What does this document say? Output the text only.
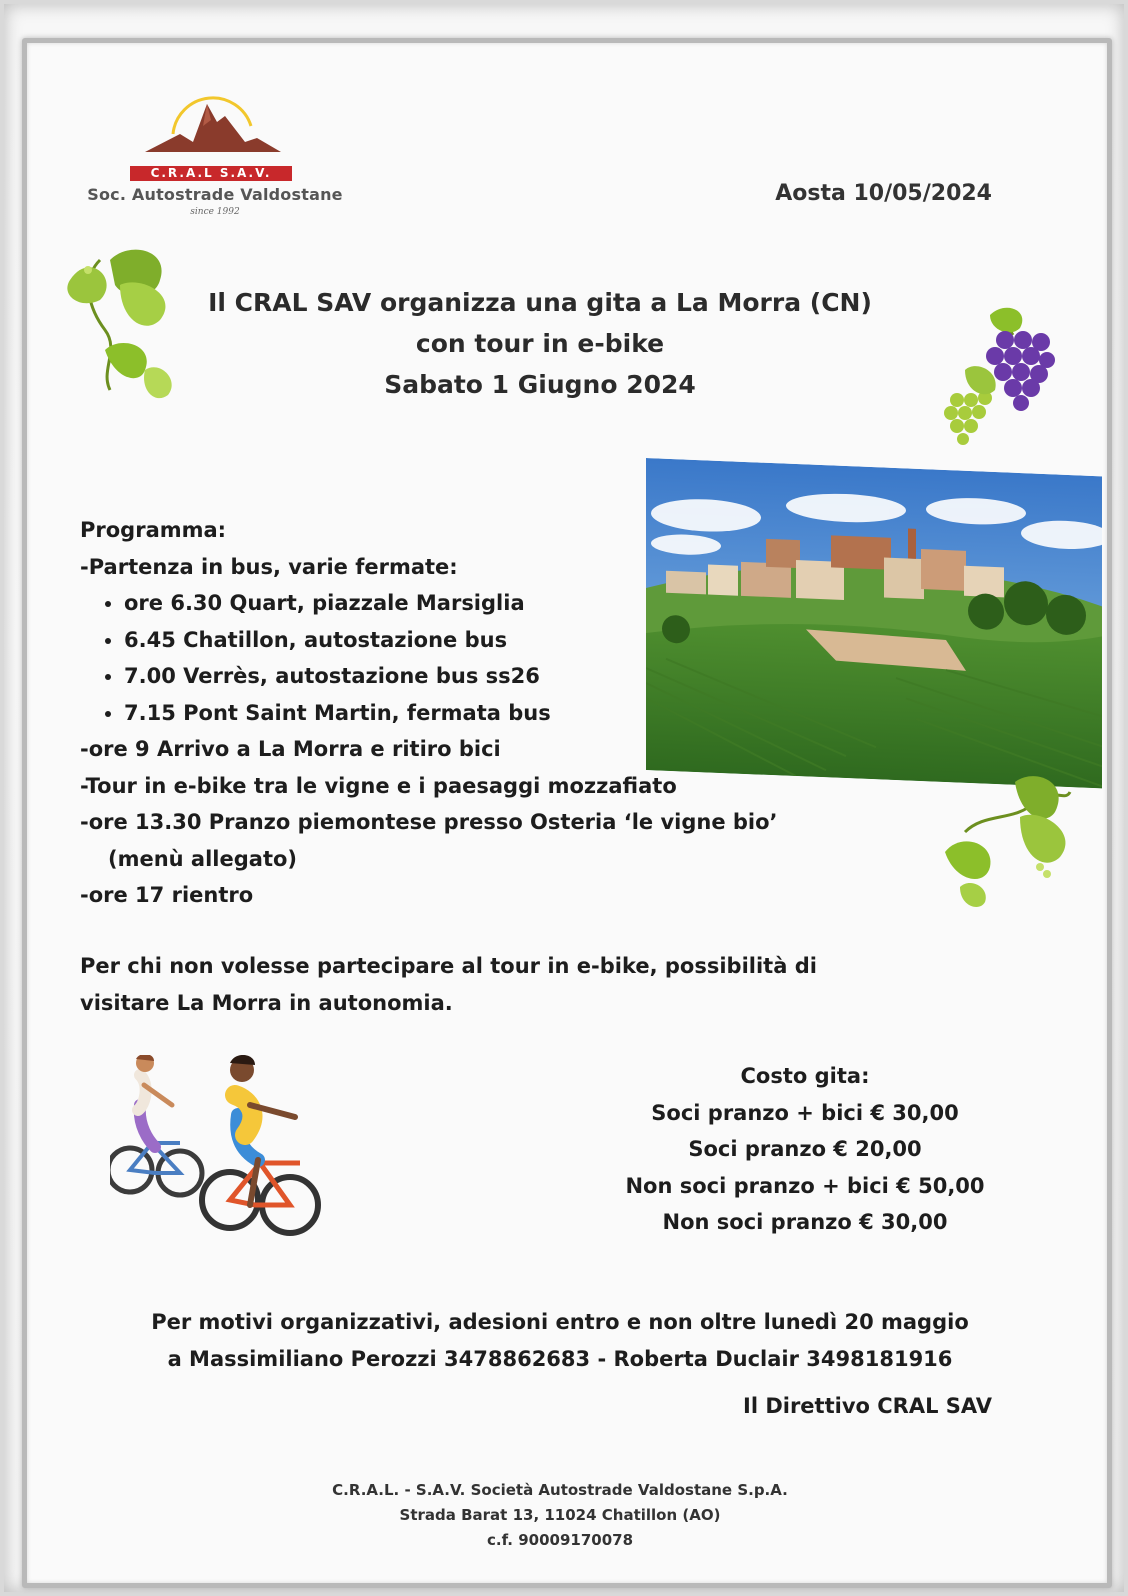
C.R.A.L S.A.V.
Soc. Autostrade Valdostane
since 1992
Aosta 10/05/2024
Il CRAL SAV organizza una gita a La Morra (CN)
con tour in e-bike
Sabato 1 Giugno 2024

Programma:

-Partenza in bus, varie fermate:

• ore 6.30 Quart, piazzale Marsiglia
• 6.45 Chatillon, autostazione bus
• 7.00 Verrès, autostazione bus ss26
• 7.15 Pont Saint Martin, fermata bus

-ore 9 Arrivo a La Morra e ritiro bici

-Tour in e-bike tra le vigne e i paesaggi mozzafiato

-ore 13.30 Pranzo piemontese presso Osteria ‘le vigne bio’

(menù allegato)

-ore 17 rientro

Per chi non volesse partecipare al tour in e-bike, possibilità di
visitare La Morra in autonomia.
Costo gita:
Soci pranzo + bici € 30,00
Soci pranzo € 20,00
Non soci pranzo + bici € 50,00
Non soci pranzo € 30,00
Per motivi organizzativi, adesioni entro e non oltre lunedì 20 maggio
a Massimiliano Perozzi 3478862683 - Roberta Duclair 3498181916
Il Direttivo CRAL SAV
C.R.A.L. - S.A.V. Società Autostrade Valdostane S.p.A.
Strada Barat 13, 11024 Chatillon (AO)
c.f. 90009170078
